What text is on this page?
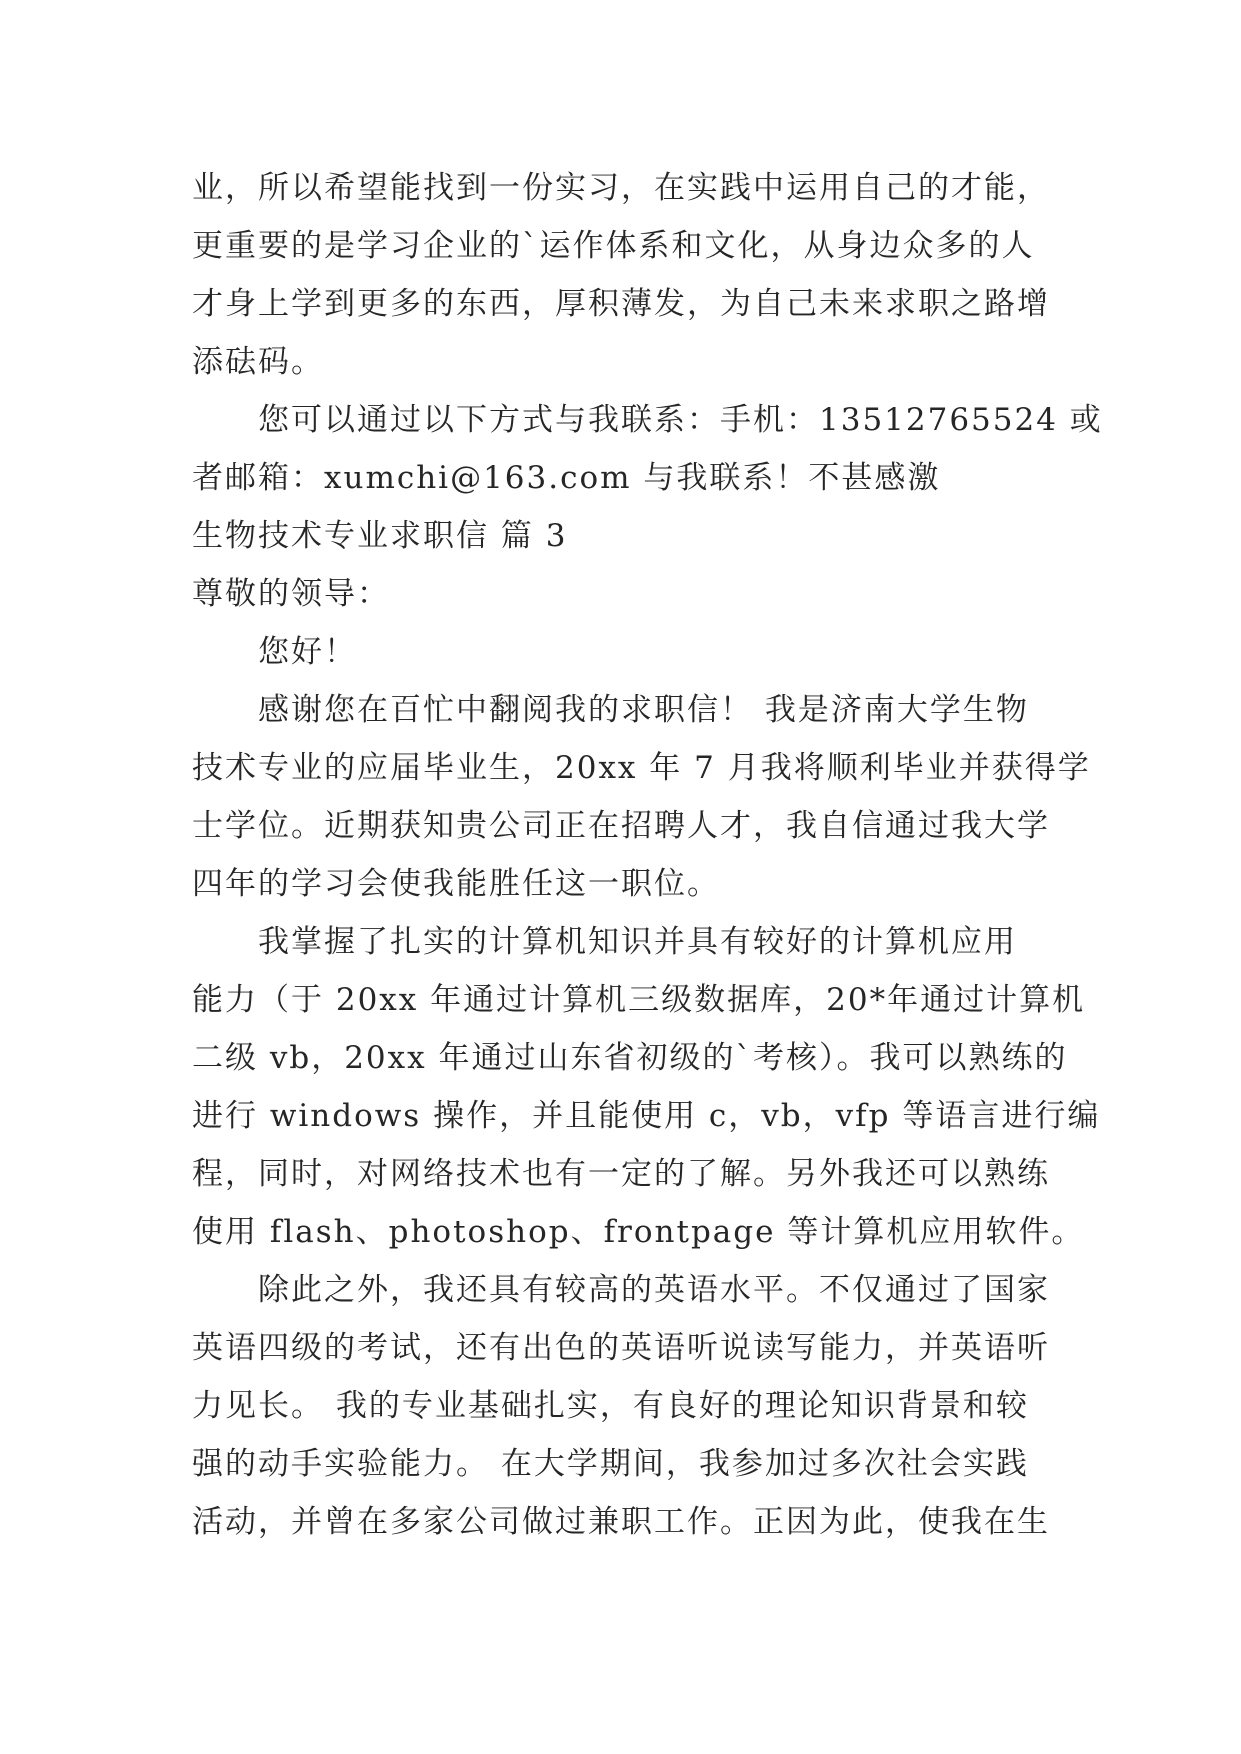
业，所以希望能找到一份实习，在实践中运用自己的才能，
更重要的是学习企业的`运作体系和文化，从身边众多的人
才身上学到更多的东西，厚积薄发，为自己未来求职之路增
添砝码。
您可以通过以下方式与我联系：手机：13512765524 或
者邮箱：xumchi@163.com 与我联系！不甚感激
生物技术专业求职信 篇 3
尊敬的领导：
您好！
感谢您在百忙中翻阅我的求职信！ 我是济南大学生物
技术专业的应届毕业生，20xx 年 7 月我将顺利毕业并获得学
士学位。近期获知贵公司正在招聘人才，我自信通过我大学
四年的学习会使我能胜任这一职位。
我掌握了扎实的计算机知识并具有较好的计算机应用
能力（于 20xx 年通过计算机三级数据库，20*年通过计算机
二级 vb，20xx 年通过山东省初级的`考核）。我可以熟练的
进行 windows 操作，并且能使用 c，vb，vfp 等语言进行编
程，同时，对网络技术也有一定的了解。另外我还可以熟练
使用 flash、photoshop、frontpage 等计算机应用软件。
除此之外，我还具有较高的英语水平。不仅通过了国家
英语四级的考试，还有出色的英语听说读写能力，并英语听
力见长。 我的专业基础扎实，有良好的理论知识背景和较
强的动手实验能力。 在大学期间，我参加过多次社会实践
活动，并曾在多家公司做过兼职工作。正因为此，使我在生
